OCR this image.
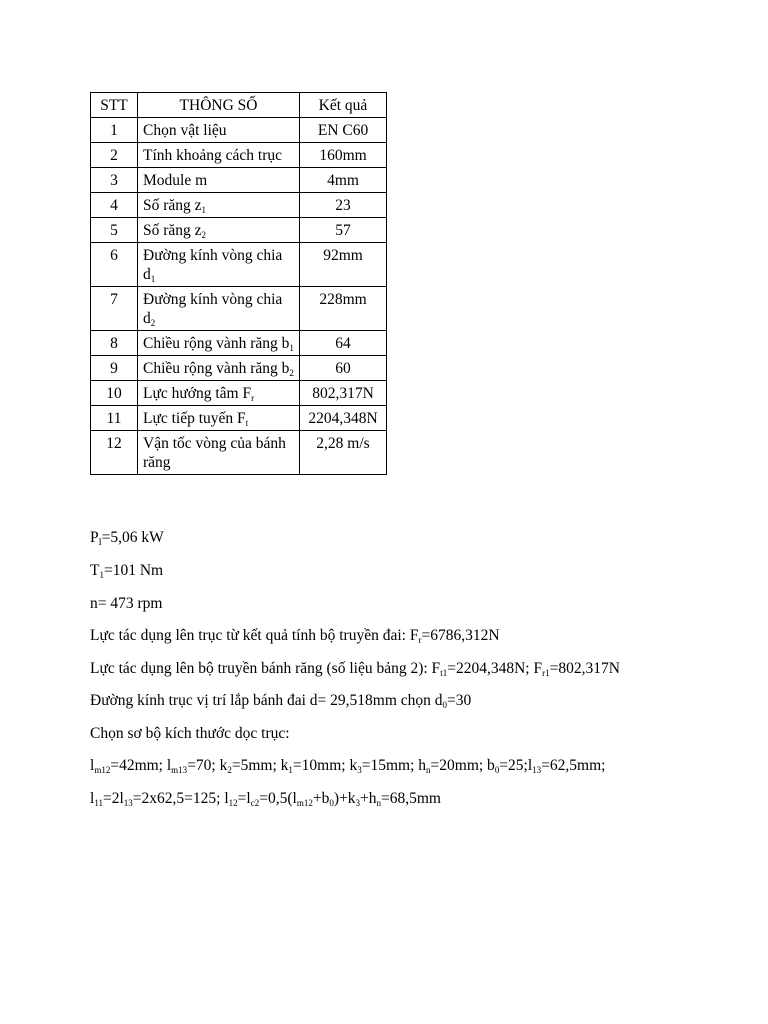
STT	THÔNG SỐ	Kết quả
1	Chọn vật liệu	EN C60
2	Tính khoảng cách trục	160mm
3	Module m	4mm
4	Số răng $z_1$	23
5	Số răng $z_2$	57
6	Đường kính vòng chia $d_1$	92mm
7	Đường kính vòng chia $d_2$	228mm
8	Chiều rộng vành răng $b_1$	64
9	Chiều rộng vành răng $b_2$	60
10	Lực hướng tâm $F_r$	802,317N
11	Lực tiếp tuyến $F_t$	2204,348N
12	Vận tốc vòng của bánh răng	2,28 m/s
$P_I=5,06$ kW
$T_1=101$ Nm
n= 473 rpm
Lực tác dụng lên trục từ kết quả tính bộ truyền đai: $F_r=6786,312N$
Lực tác dụng lên bộ truyền bánh răng (số liệu bảng 2): $F_{t1}=2204,348N$; $F_{r1}=802,317N$
Đường kính trục vị trí lắp bánh đai d= 29,518mm chọn $d_0=30$
Chọn sơ bộ kích thước dọc trục:
$l_{m12}=42mm$; $l_{m13}=70$; $k_2=5mm$; $k_1=10mm$; $k_3=15mm$; $h_n=20mm$; $b_0=25;l_{13}=62,5mm$;
$l_{11}=2l_{13}=2x62,5=125$; $l_{12}=l_{c2}=0,5(l_{m12}+b_0)+k_3+h_n=68,5mm$
